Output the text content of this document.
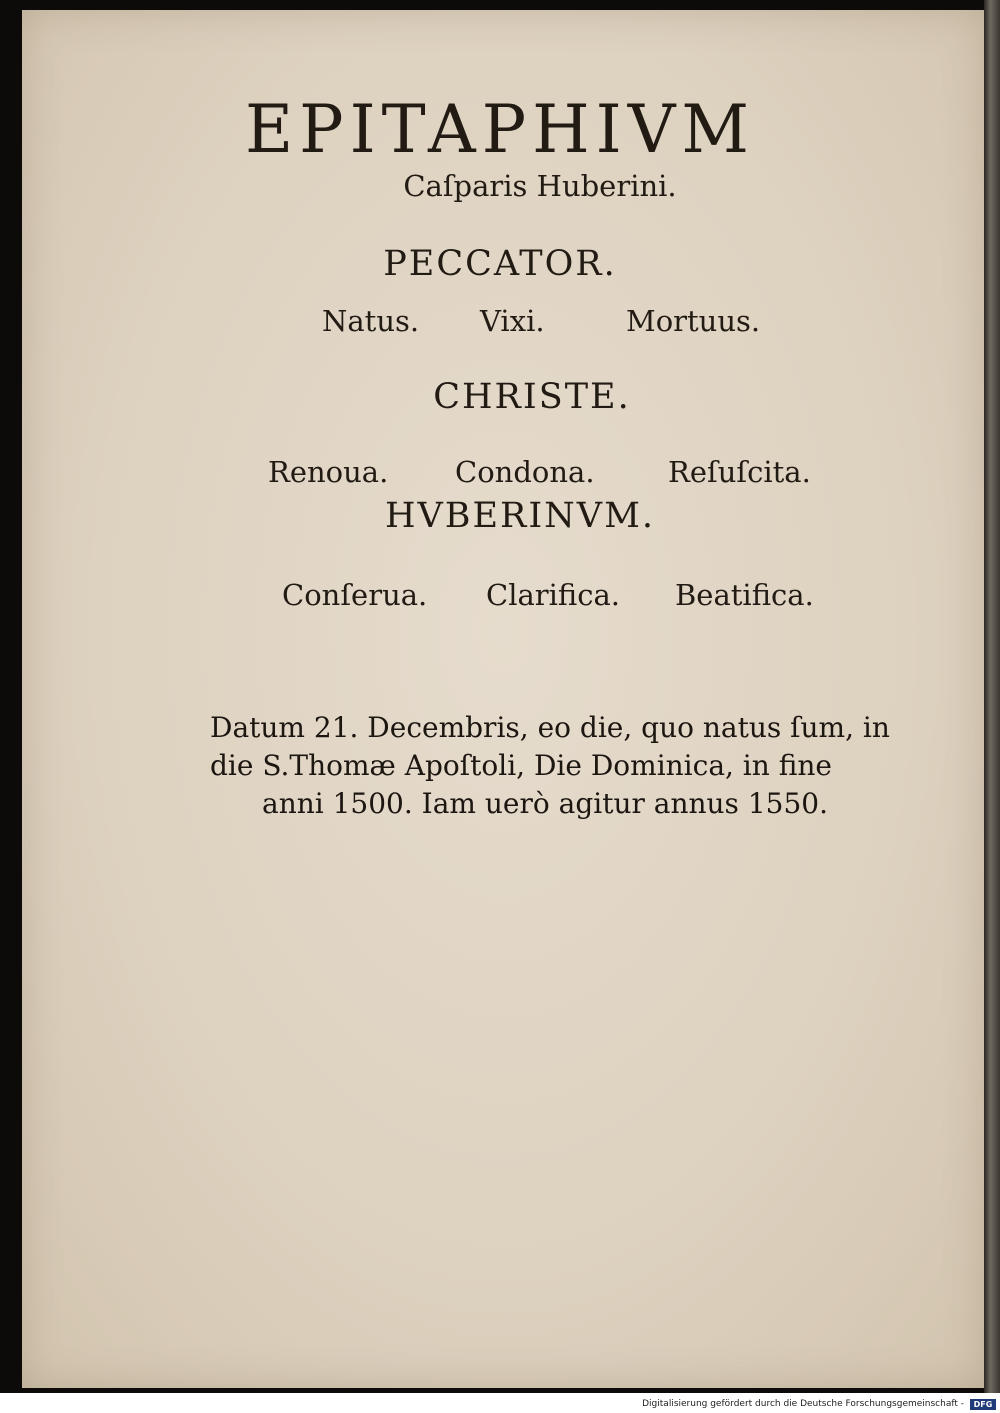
EPITAPHIVM
Caſparis Huberini.
PECCATOR.
Natus. Vixi.	Mortuus.
CHRISTE.
Renoua. Condona.	Reſuſcita.
HVBERINVM.
Conſerua. Clarifica. Beatifica.
Datum 21. Decembris, eo die, quo natus ſum, in
die S.Thomæ Apoſtoli, Die Dominica, in fine
anni 1500. Iam uerò agitur annus 1550.
Digitalisierung gefördert durch die Deutsche Forschungsgemeinschaft -	DFG
